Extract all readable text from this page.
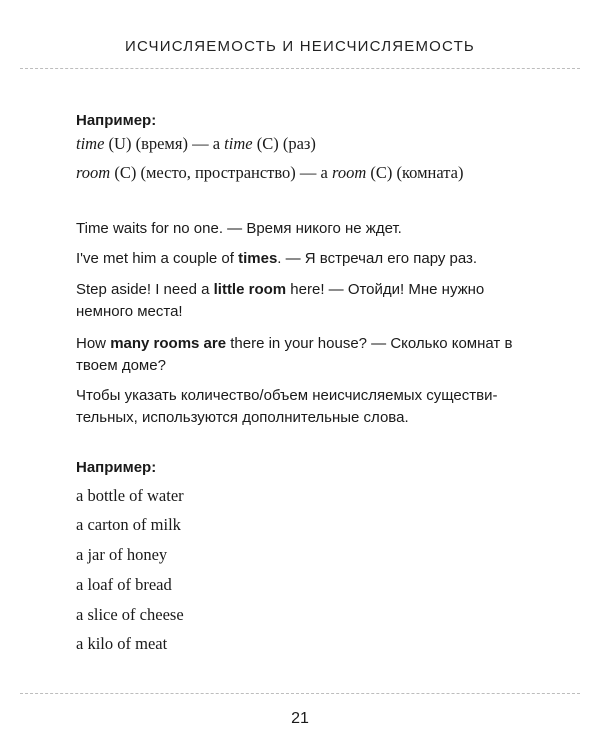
ИСЧИСЛЯЕМОСТЬ И НЕИСЧИСЛЯЕМОСТЬ
Например:
time (U) (время) — a time (C) (раз)
room (C) (место, пространство) — a room (C) (комната)
Time waits for no one. — Время никого не ждет.
I've met him a couple of times. — Я встречал его пару раз.
Step aside! I need a little room here! — Отойди! Мне нужно немного места!
How many rooms are there in your house? — Сколько комнат в твоем доме?
Чтобы указать количество/объем неисчисляемых существи-тельных, используются дополнительные слова.
Например:
a bottle of water
a carton of milk
a jar of honey
a loaf of bread
a slice of cheese
a kilo of meat
21
